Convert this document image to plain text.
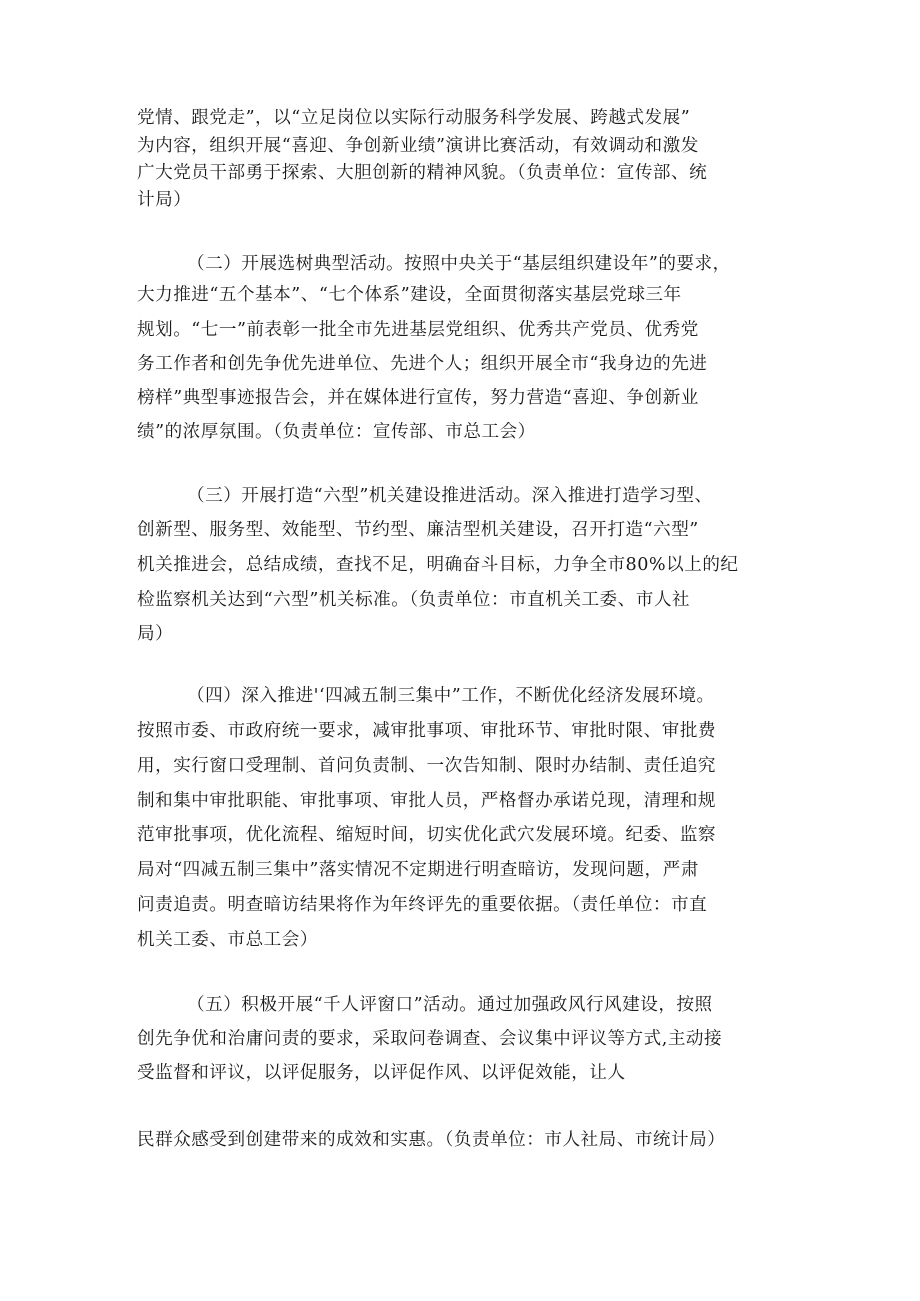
党情、跟党走”，以“立足岗位以实际行动服务科学发展、跨越式发展”
为内容，组织开展“喜迎、争创新业绩”演讲比赛活动，有效调动和激发
广大党员干部勇于探索、大胆创新的精神风貌。（负责单位：宣传部、统
计局）
（二）开展选树典型活动。按照中央关于“基层组织建设年”的要求，
大力推进“五个基本”、“七个体系”建设，全面贯彻落实基层党球三年
规划。“七一”前表彰一批全市先进基层党组织、优秀共产党员、优秀党
务工作者和创先争优先进单位、先进个人；组织开展全市“我身边的先进
榜样”典型事迹报告会，并在媒体进行宣传，努力营造“喜迎、争创新业
绩”的浓厚氛围。（负责单位：宣传部、市总工会）
（三）开展打造“六型”机关建设推进活动。深入推进打造学习型、
创新型、服务型、效能型、节约型、廉洁型机关建设，召开打造“六型”
机关推进会，总结成绩，查找不足，明确奋斗目标，力争全市80%以上的纪
检监察机关达到“六型”机关标准。（负责单位：市直机关工委、市人社
局）
（四）深入推进'‘四减五制三集中”工作，不断优化经济发展环境。
按照市委、市政府统一要求，减审批事项、审批环节、审批时限、审批费
用，实行窗口受理制、首问负责制、一次告知制、限时办结制、责任追究
制和集中审批职能、审批事项、审批人员，严格督办承诺兑现，清理和规
范审批事项，优化流程、缩短时间，切实优化武穴发展环境。纪委、监察
局对“四减五制三集中”落实情况不定期进行明查暗访，发现问题，严肃
问责追责。明查暗访结果将作为年终评先的重要依据。（责任单位：市直
机关工委、市总工会）
（五）积极开展“千人评窗口”活动。通过加强政风行风建设，按照
创先争优和治庸问责的要求，采取问卷调查、会议集中评议等方式,主动接
受监督和评议，以评促服务，以评促作风、以评促效能，让人
民群众感受到创建带来的成效和实惠。（负责单位：市人社局、市统计局）
